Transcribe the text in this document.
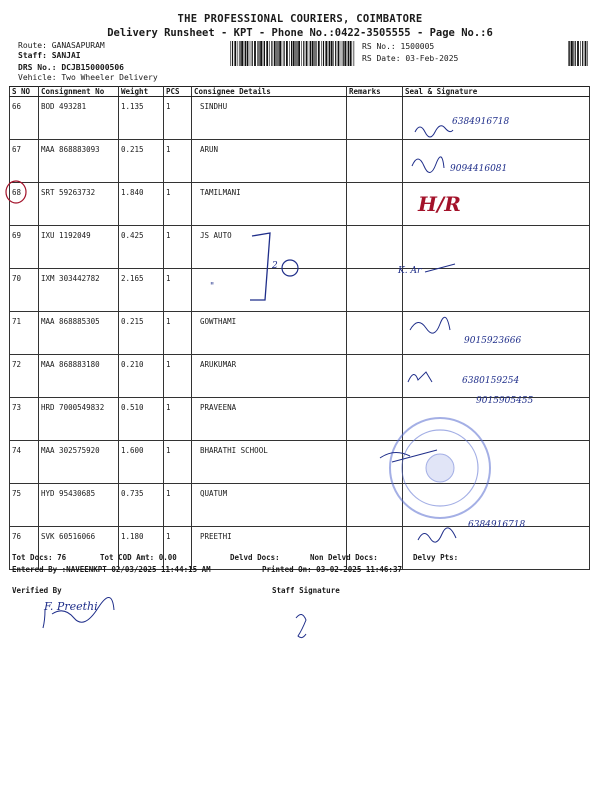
THE PROFESSIONAL COURIERS, COIMBATORE
Delivery Runsheet - KPT - Phone No.:0422-3505555 - Page No.:6
Route: GANASAPURAM
Staff: SANJAI
DRS No.: DCJB150000506
Vehicle: Two Wheeler Delivery
RS No.: 1500005
RS Date: 03-Feb-2025
S NO	Consignment No	Weight	PCS	Consignee Details	Remarks	Seal & Signature
66	BOD 493281	1.135	1	SINDHU		
67	MAA 868883093	0.215	1	ARUN		
68	SRT 59263732	1.840	1	TAMILMANI		
69	IXU 1192049	0.425	1	JS AUTO		
70	IXM 303442782	2.165	1			
71	MAA 868885305	0.215	1	GOWTHAMI		
72	MAA 868883180	0.210	1	ARUKUMAR		
73	HRD 7000549832	0.510	1	PRAVEENA		
74	MAA 302575920	1.600	1	BHARATHI SCHOOL		
75	HYD 95430685	0.735	1	QUATUM		
76	SVK 60516066	1.180	1	PREETHI		
2
"
6384916718
9094416081
H/R
K. Ar
9015923666
6380159254
9015905455
6384916718
Tot Docs: 76	Tot COD Amt: 0.00	Delvd Docs:	Non Delvd Docs:	Delvy Pts:
Entered By :NAVEENKPT 02/03/2025 11:44:15 AM	Printed On: 03-02-2025 11:46:37
Verified By	Staff Signature
F. Preethi
